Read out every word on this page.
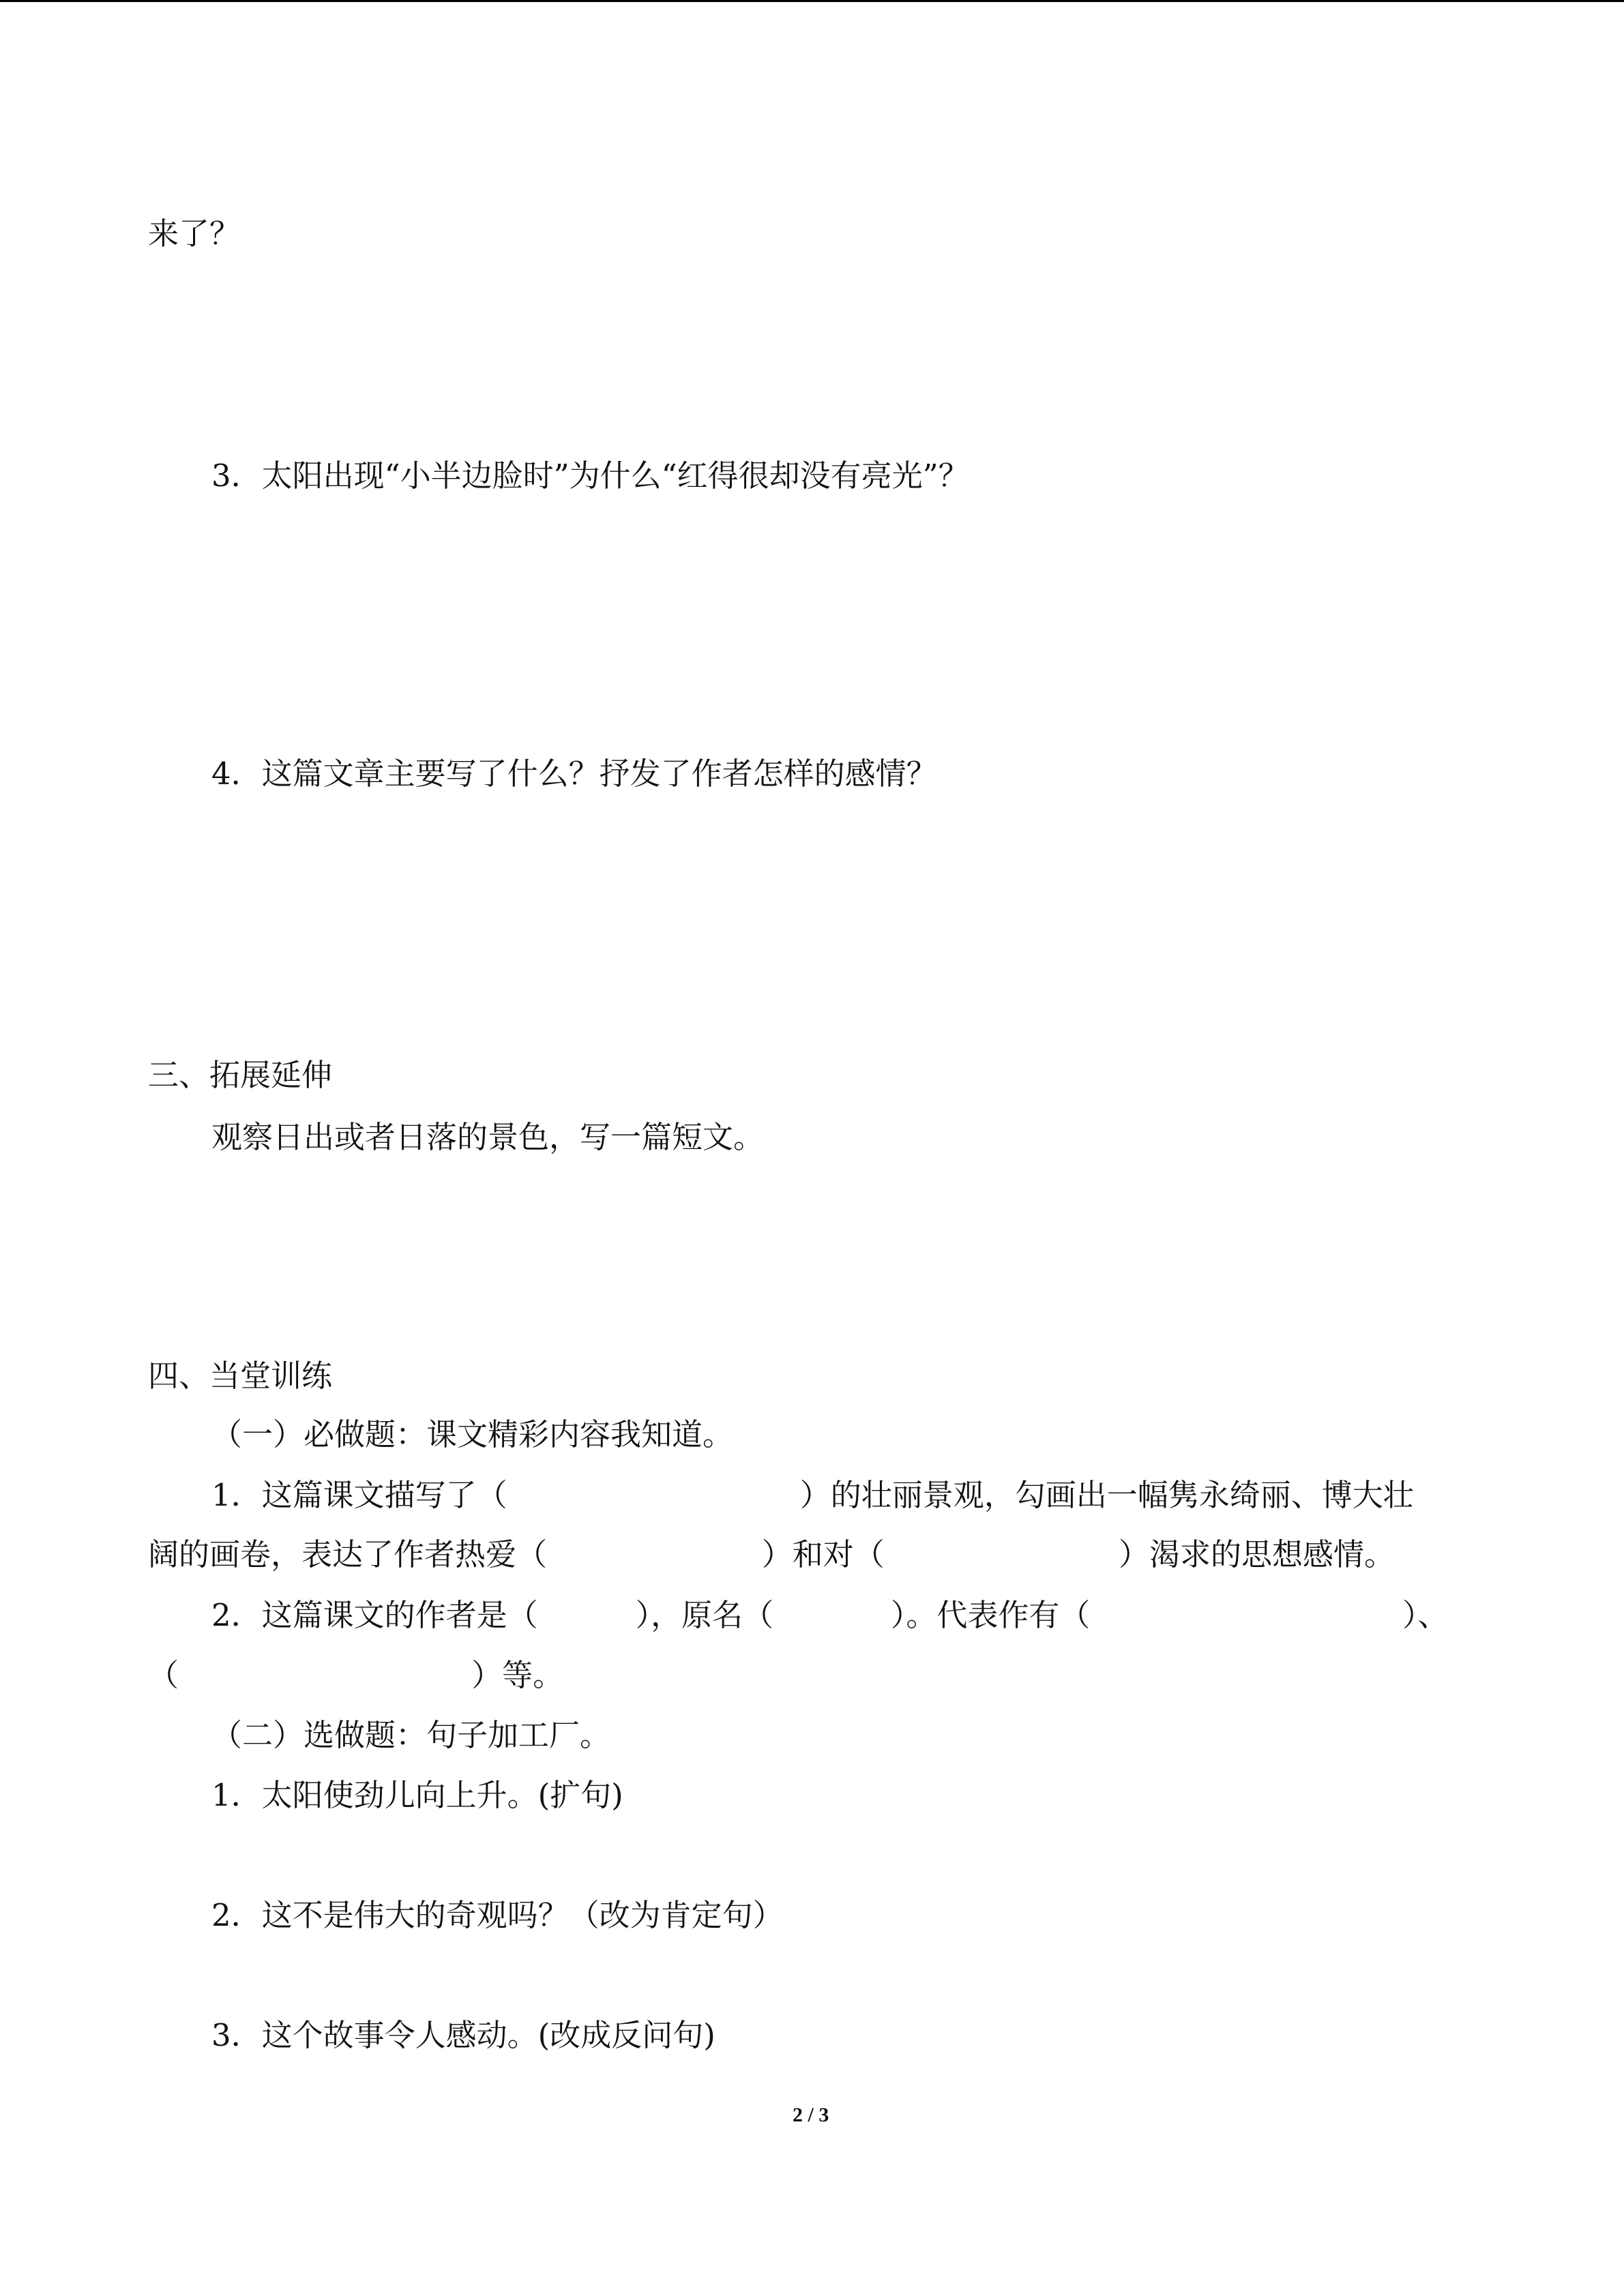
来了？
3．太阳出现“小半边脸时”为什么“红得很却没有亮光”？
4．这篇文章主要写了什么？抒发了作者怎样的感情？
三、拓展延伸
观察日出或者日落的景色，写一篇短文。
四、当堂训练
（一）必做题：课文精彩内容我知道。
1．这篇课文描写了（                              ）的壮丽景观，勾画出一幅隽永绮丽、博大壮
阔的画卷，表达了作者热爱（                      ）和对（                        ）渴求的思想感情。
2．这篇课文的作者是（          ），原名（            ）。代表作有（                                ）、
（                              ）等。
（二）选做题：句子加工厂。
1．太阳使劲儿向上升。(扩句)
2．这不是伟大的奇观吗？（改为肯定句）
3．这个故事令人感动。(改成反问句)
2 / 3
